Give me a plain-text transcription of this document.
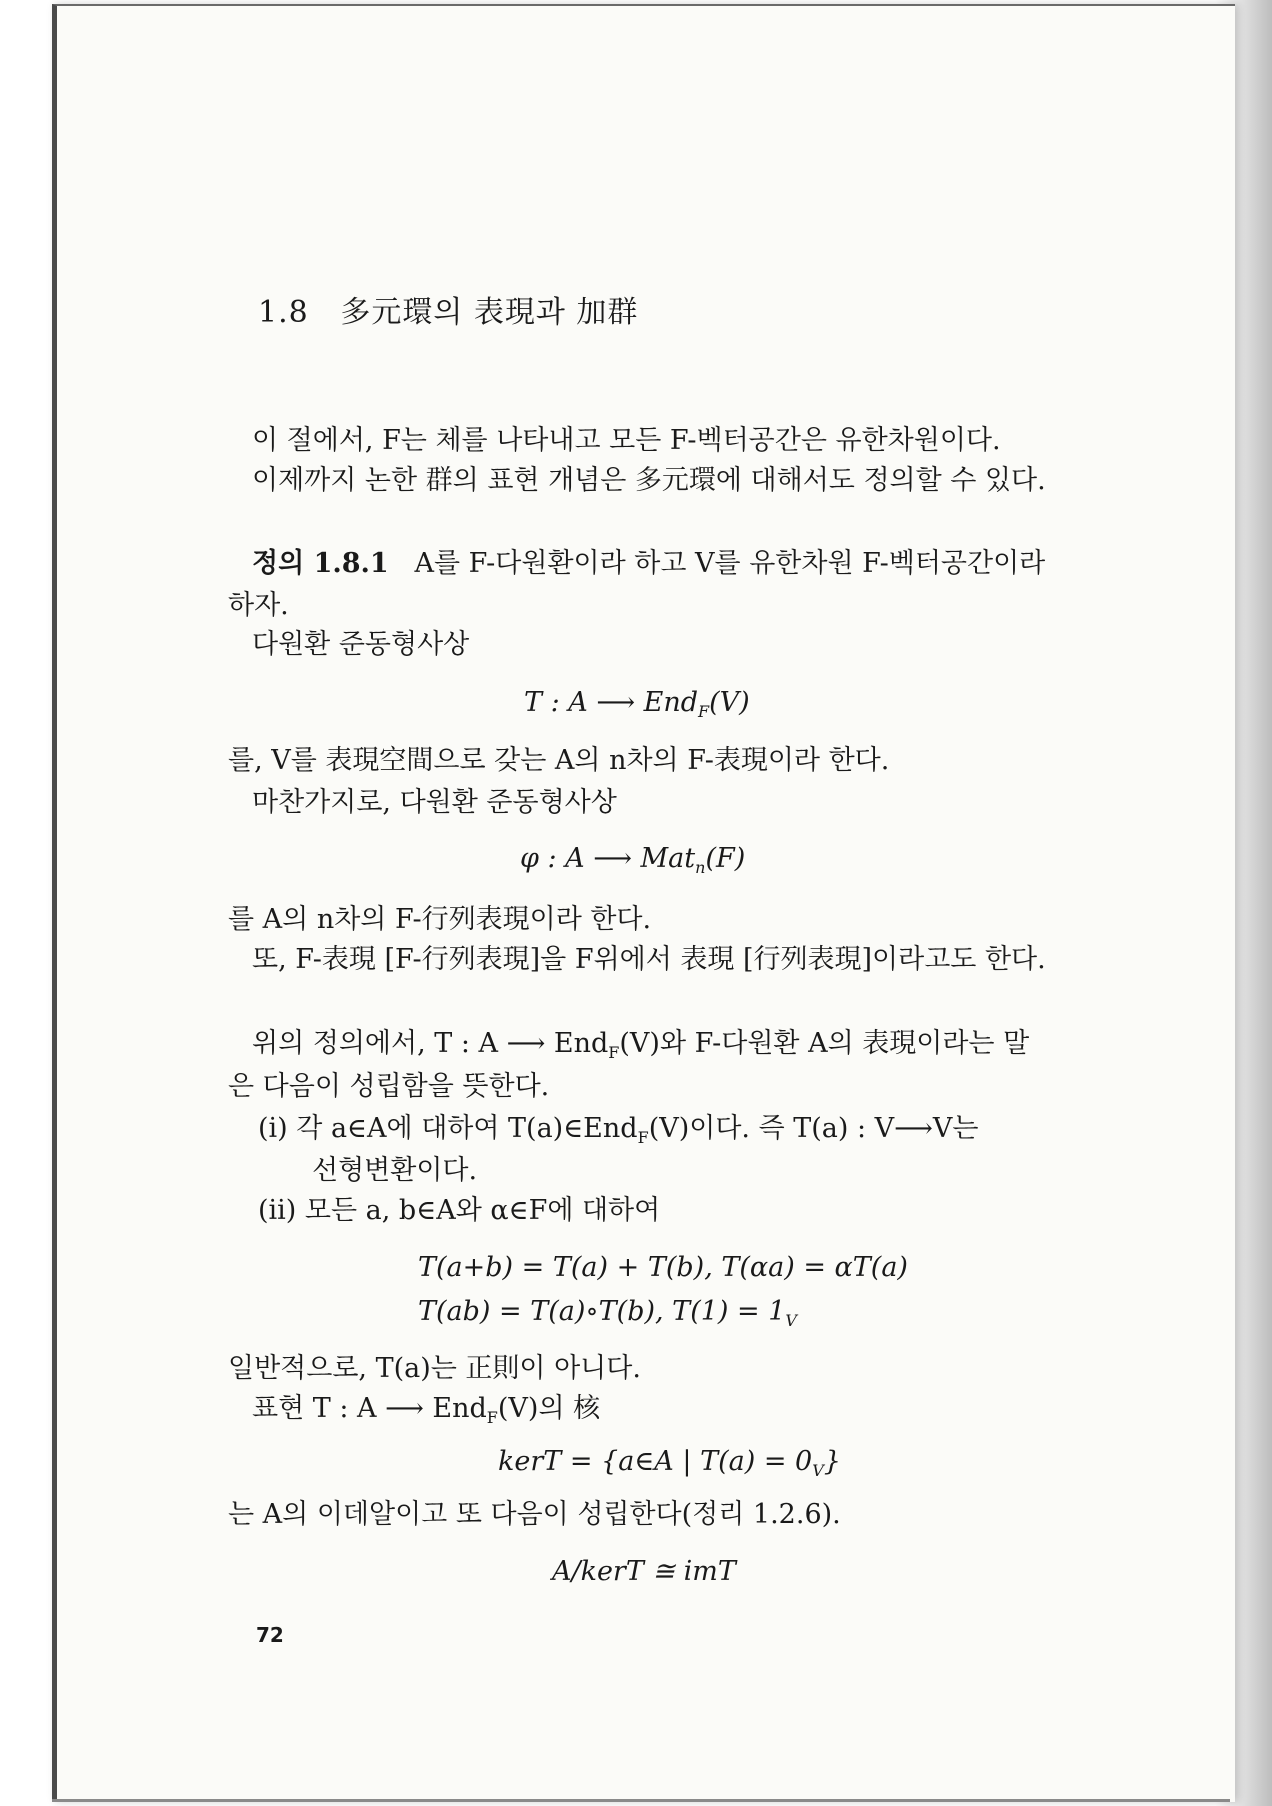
1.8 多元環의 表現과 加群
이 절에서, F는 체를 나타내고 모든 F-벡터공간은 유한차원이다.
이제까지 논한 群의 표현 개념은 多元環에 대해서도 정의할 수 있다.
정의 1.8.1 A를 F-다원환이라 하고 V를 유한차원 F-벡터공간이라
하자.
다원환 준동형사상
T : A ⟶ End$_F$(V)
를, V를 表現空間으로 갖는 A의 n차의 F-表現이라 한다.
마찬가지로, 다원환 준동형사상
φ : A ⟶ Mat$_n$(F)
를 A의 n차의 F-行列表現이라 한다.
또, F-表現 [F-行列表現]을 F위에서 表現 [行列表現]이라고도 한다.
위의 정의에서, T : A ⟶ End$_F$(V)와 F-다원환 A의 表現이라는 말
은 다음이 성립함을 뜻한다.
(i) 각 a∈A에 대하여 T(a)∈End$_F$(V)이다. 즉 T(a) : V⟶V는
선형변환이다.
(ii) 모든 a, b∈A와 α∈F에 대하여
T(a+b) = T(a) + T(b), T(αa) = αT(a)
T(ab) = T(a)∘T(b), $T(1) = 1_V$
일반적으로, T(a)는 正則이 아니다.
표현 T : A ⟶ End$_F$(V)의 核
kerT = {a∈A | $T(a) = 0_V$}
는 A의 이데알이고 또 다음이 성립한다(정리 1.2.6).
A/kerT ≅ imT
72
